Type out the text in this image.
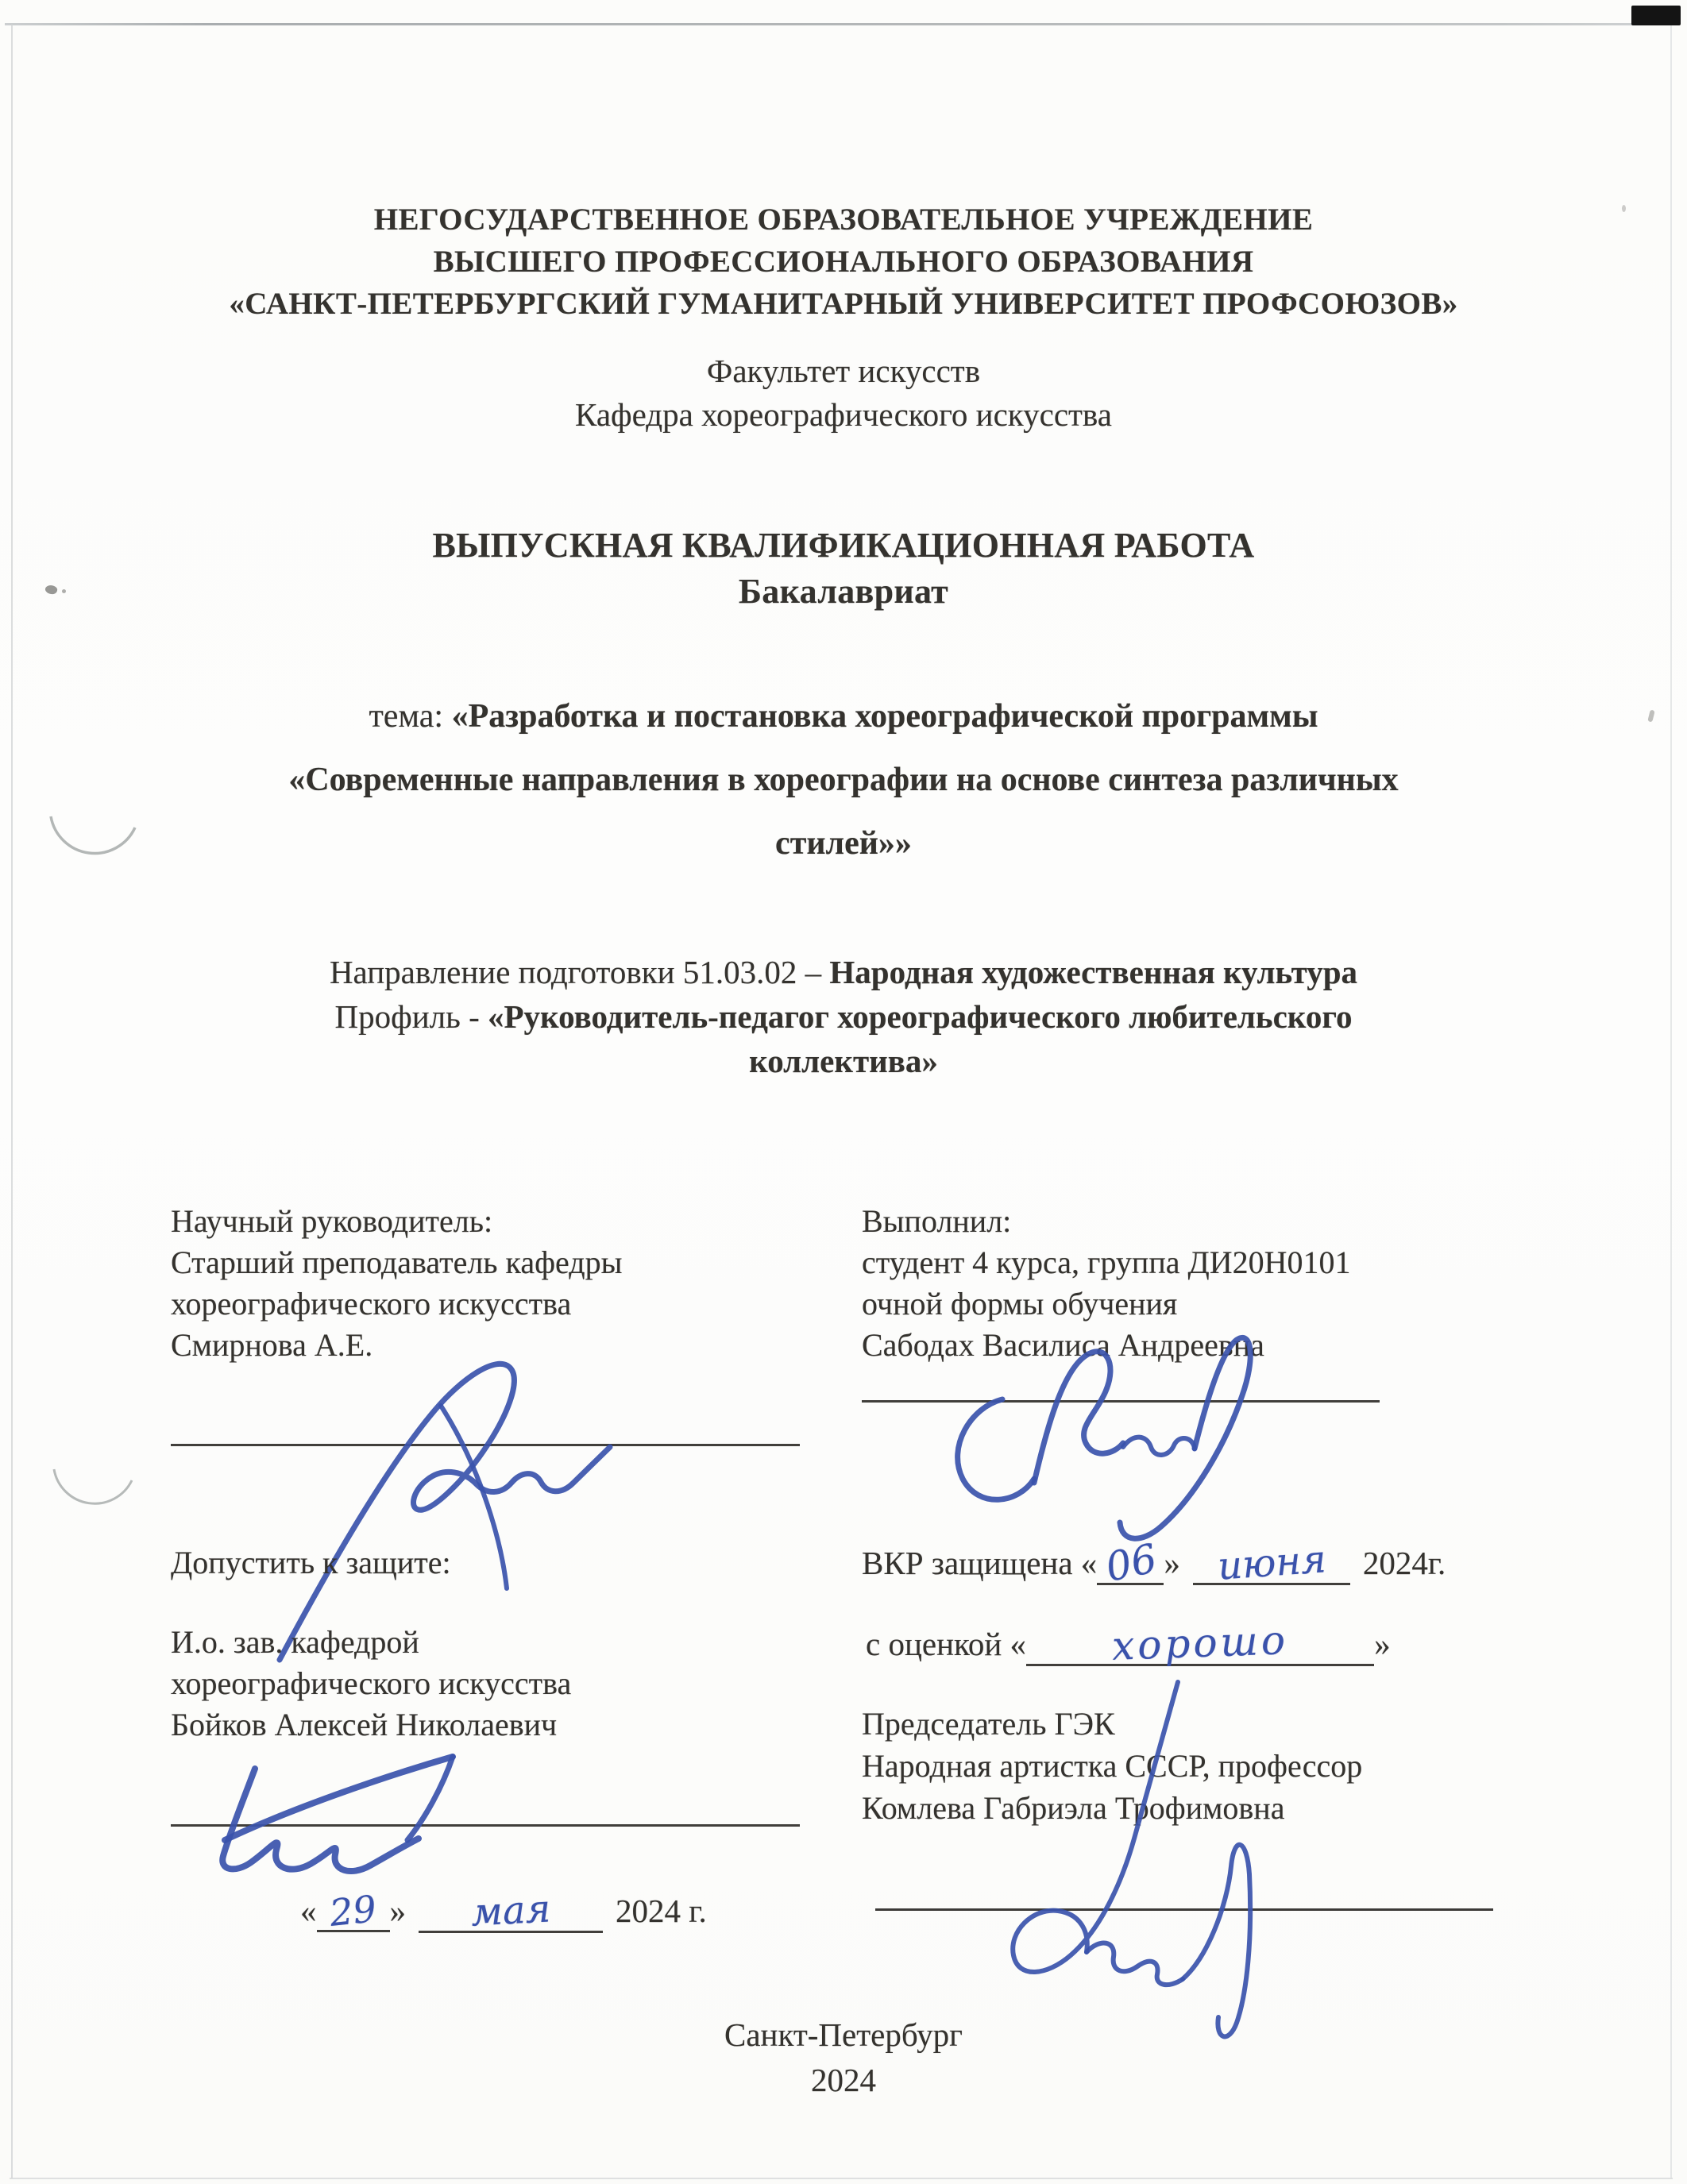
НЕГОСУДАРСТВЕННОЕ ОБРАЗОВАТЕЛЬНОЕ УЧРЕЖДЕНИЕ
ВЫСШЕГО ПРОФЕССИОНАЛЬНОГО ОБРАЗОВАНИЯ
«САНКТ-ПЕТЕРБУРГСКИЙ ГУМАНИТАРНЫЙ УНИВЕРСИТЕТ ПРОФСОЮЗОВ»
Факультет искусств
Кафедра хореографического искусства
ВЫПУСКНАЯ КВАЛИФИКАЦИОННАЯ РАБОТА
Бакалавриат
тема: «Разработка и постановка хореографической программы
«Современные направления в хореографии на основе синтеза различных
стилей»»
Направление подготовки 51.03.02 – Народная художественная культура
Профиль - «Руководитель-педагог хореографического любительского
коллектива»
Научный руководитель:
Старший преподаватель кафедры
хореографического искусства
Смирнова А.Е.
Выполнил:
студент 4 курса, группа ДИ20Н0101
очной формы обучения
Сабодах Василиса Андреевна
Допустить к защите:	ВКР защищена « 06 » июня 2024г.
И.о. зав. кафедрой
хореографического искусства
Бойков Алексей Николаевич
с оценкой « хорошо	»
Председатель ГЭК
Народная артистка СССР, профессор
Комлева Габриэла Трофимовна
« 29 » мая 2024 г.
Санкт-Петербург
2024
